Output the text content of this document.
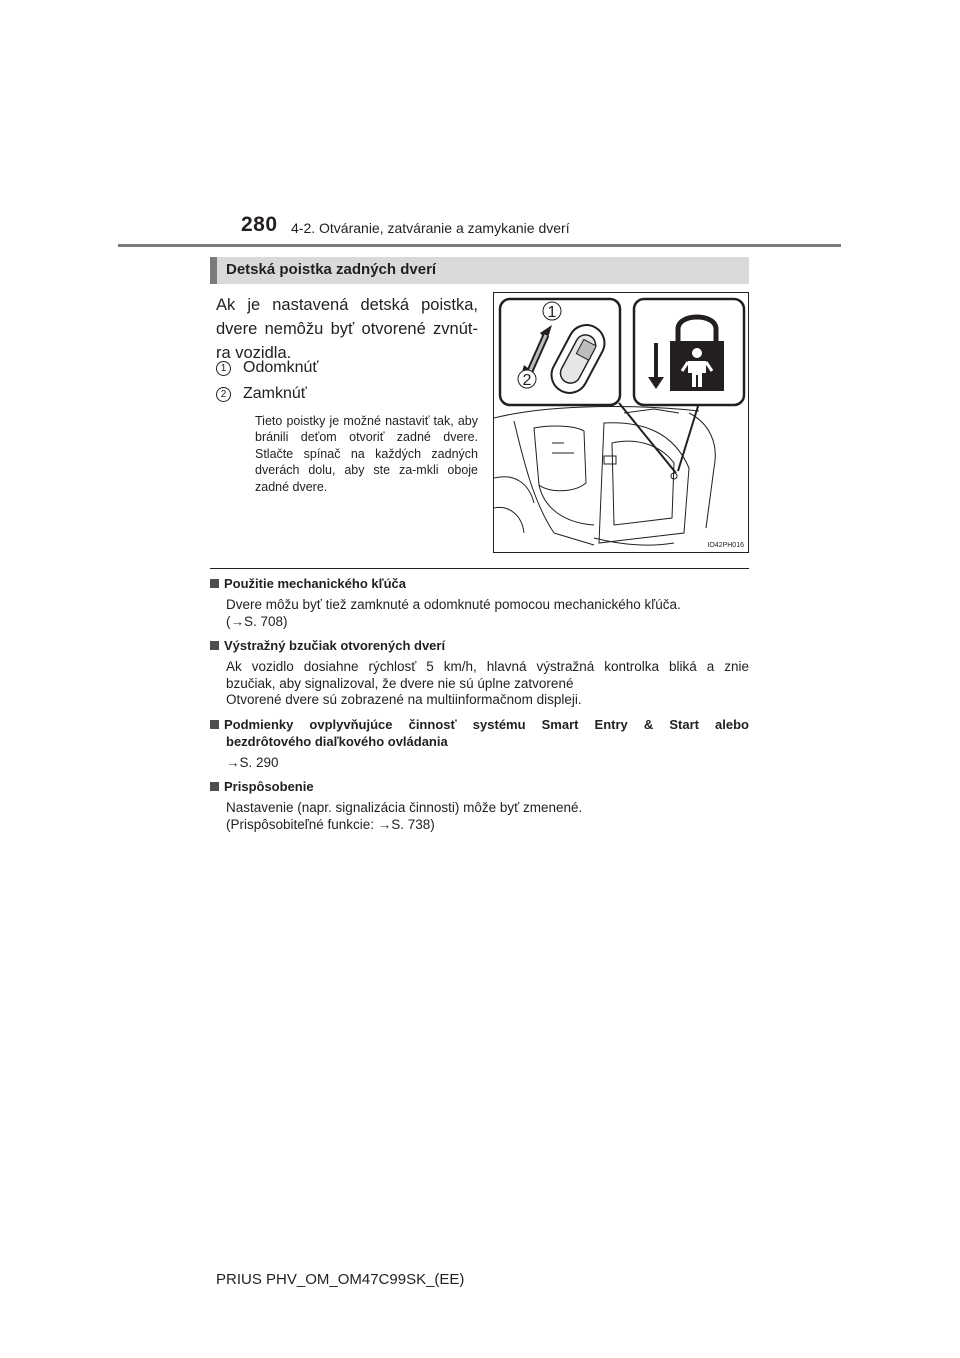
280 4-2. Otváranie, zatváranie a zamykanie dverí
Detská poistka zadných dverí
Ak je nastavená detská poistka,
dvere nemôžu byť otvorené zvnút-
ra vozidla.
1 Odomknúť
2 Zamknúť
Tieto poistky je možné nastaviť tak, aby bránili deťom otvoriť zadné dvere. Stlačte spínač na každých zadných dverách dolu, aby ste za-mkli oboje zadné dvere.
1
2
IO42PH016
Použitie mechanického kľúča
Dvere môžu byť tiež zamknuté a odomknuté pomocou mechanického kľúča.
(→S. 708)
Výstražný bzučiak otvorených dverí
Ak vozidlo dosiahne rýchlosť 5 km/h, hlavná výstražná kontrolka bliká a znie
bzučiak, aby signalizoval, že dvere nie sú úplne zatvorené
Otvorené dvere sú zobrazené na multiinformačnom displeji.
Podmienky ovplyvňujúce činnosť systému Smart Entry & Start alebo
bezdrôtového diaľkového ovládania
→S. 290
Prispôsobenie
Nastavenie (napr. signalizácia činnosti) môže byť zmenené.
(Prispôsobiteľné funkcie: →S. 738)
PRIUS PHV_OM_OM47C99SK_(EE)
